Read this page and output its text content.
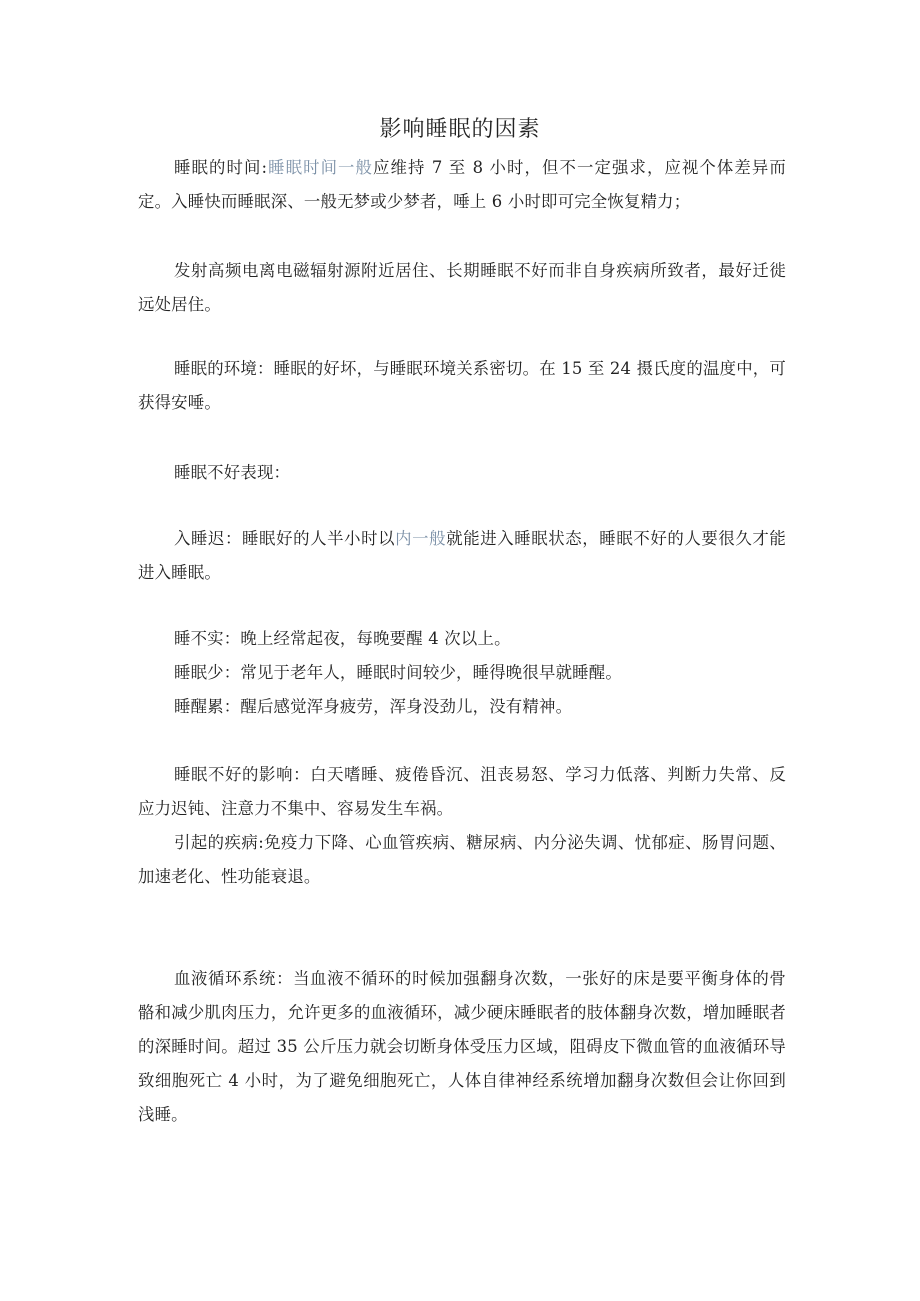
影响睡眠的因素

睡眠的时间:睡眠时间一般应维持 7 至 8 小时，但不一定强求，应视个体差异而定。入睡快而睡眠深、一般无梦或少梦者，唾上 6 小时即可完全恢复精力；

发射高频电离电磁辐射源附近居住、长期睡眠不好而非自身疾病所致者，最好迁徙远处居住。

睡眠的环境：睡眠的好坏，与睡眠环境关系密切。在 15 至 24 摄氏度的温度中，可获得安唾。

睡眠不好表现：

入睡迟：睡眠好的人半小时以内一般就能进入睡眠状态，睡眠不好的人要很久才能进入睡眠。

睡不实：晚上经常起夜，每晚要醒 4 次以上。

睡眠少：常见于老年人，睡眠时间较少，睡得晚很早就睡醒。

睡醒累：醒后感觉浑身疲劳，浑身没劲儿，没有精神。

睡眠不好的影响：白天嗜睡、疲倦昏沉、沮丧易怒、学习力低落、判断力失常、反应力迟钝、注意力不集中、容易发生车祸。

引起的疾病:免疫力下降、心血管疾病、糖尿病、内分泌失调、忧郁症、肠胃问题、加速老化、性功能衰退。

血液循环系统：当血液不循环的时候加强翻身次数，一张好的床是要平衡身体的骨骼和减少肌肉压力，允许更多的血液循环，减少硬床睡眠者的肢体翻身次数，增加睡眠者的深睡时间。超过 35 公斤压力就会切断身体受压力区域，阻碍皮下微血管的血液循环导致细胞死亡 4 小时，为了避免细胞死亡，人体自律神经系统增加翻身次数但会让你回到浅睡。
